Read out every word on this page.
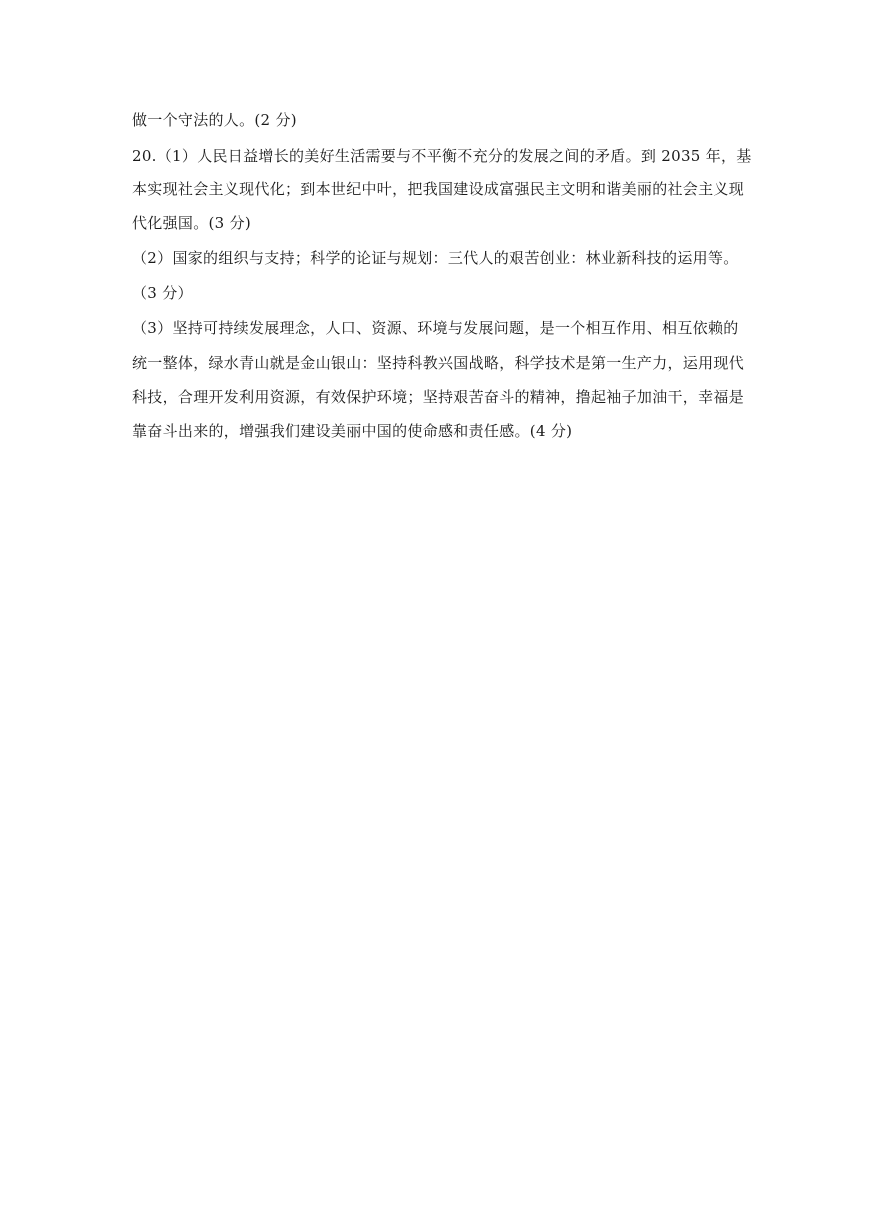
做一个守法的人。(2 分)
20.（1）人民日益增长的美好生活需要与不平衡不充分的发展之间的矛盾。到 2035 年，基
本实现社会主义现代化；到本世纪中叶，把我国建设成富强民主文明和谐美丽的社会主义现
代化强国。(3 分)
（2）国家的组织与支持；科学的论证与规划：三代人的艰苦创业：林业新科技的运用等。
（3 分）
（3）坚持可持续发展理念，人口、资源、环境与发展问题，是一个相互作用、相互依赖的
统一整体，绿水青山就是金山银山：坚持科教兴国战略，科学技术是第一生产力，运用现代
科技，合理开发利用资源，有效保护环境；坚持艰苦奋斗的精神，撸起袖子加油干，幸福是
靠奋斗出来的，增强我们建设美丽中国的使命感和责任感。(4 分)
